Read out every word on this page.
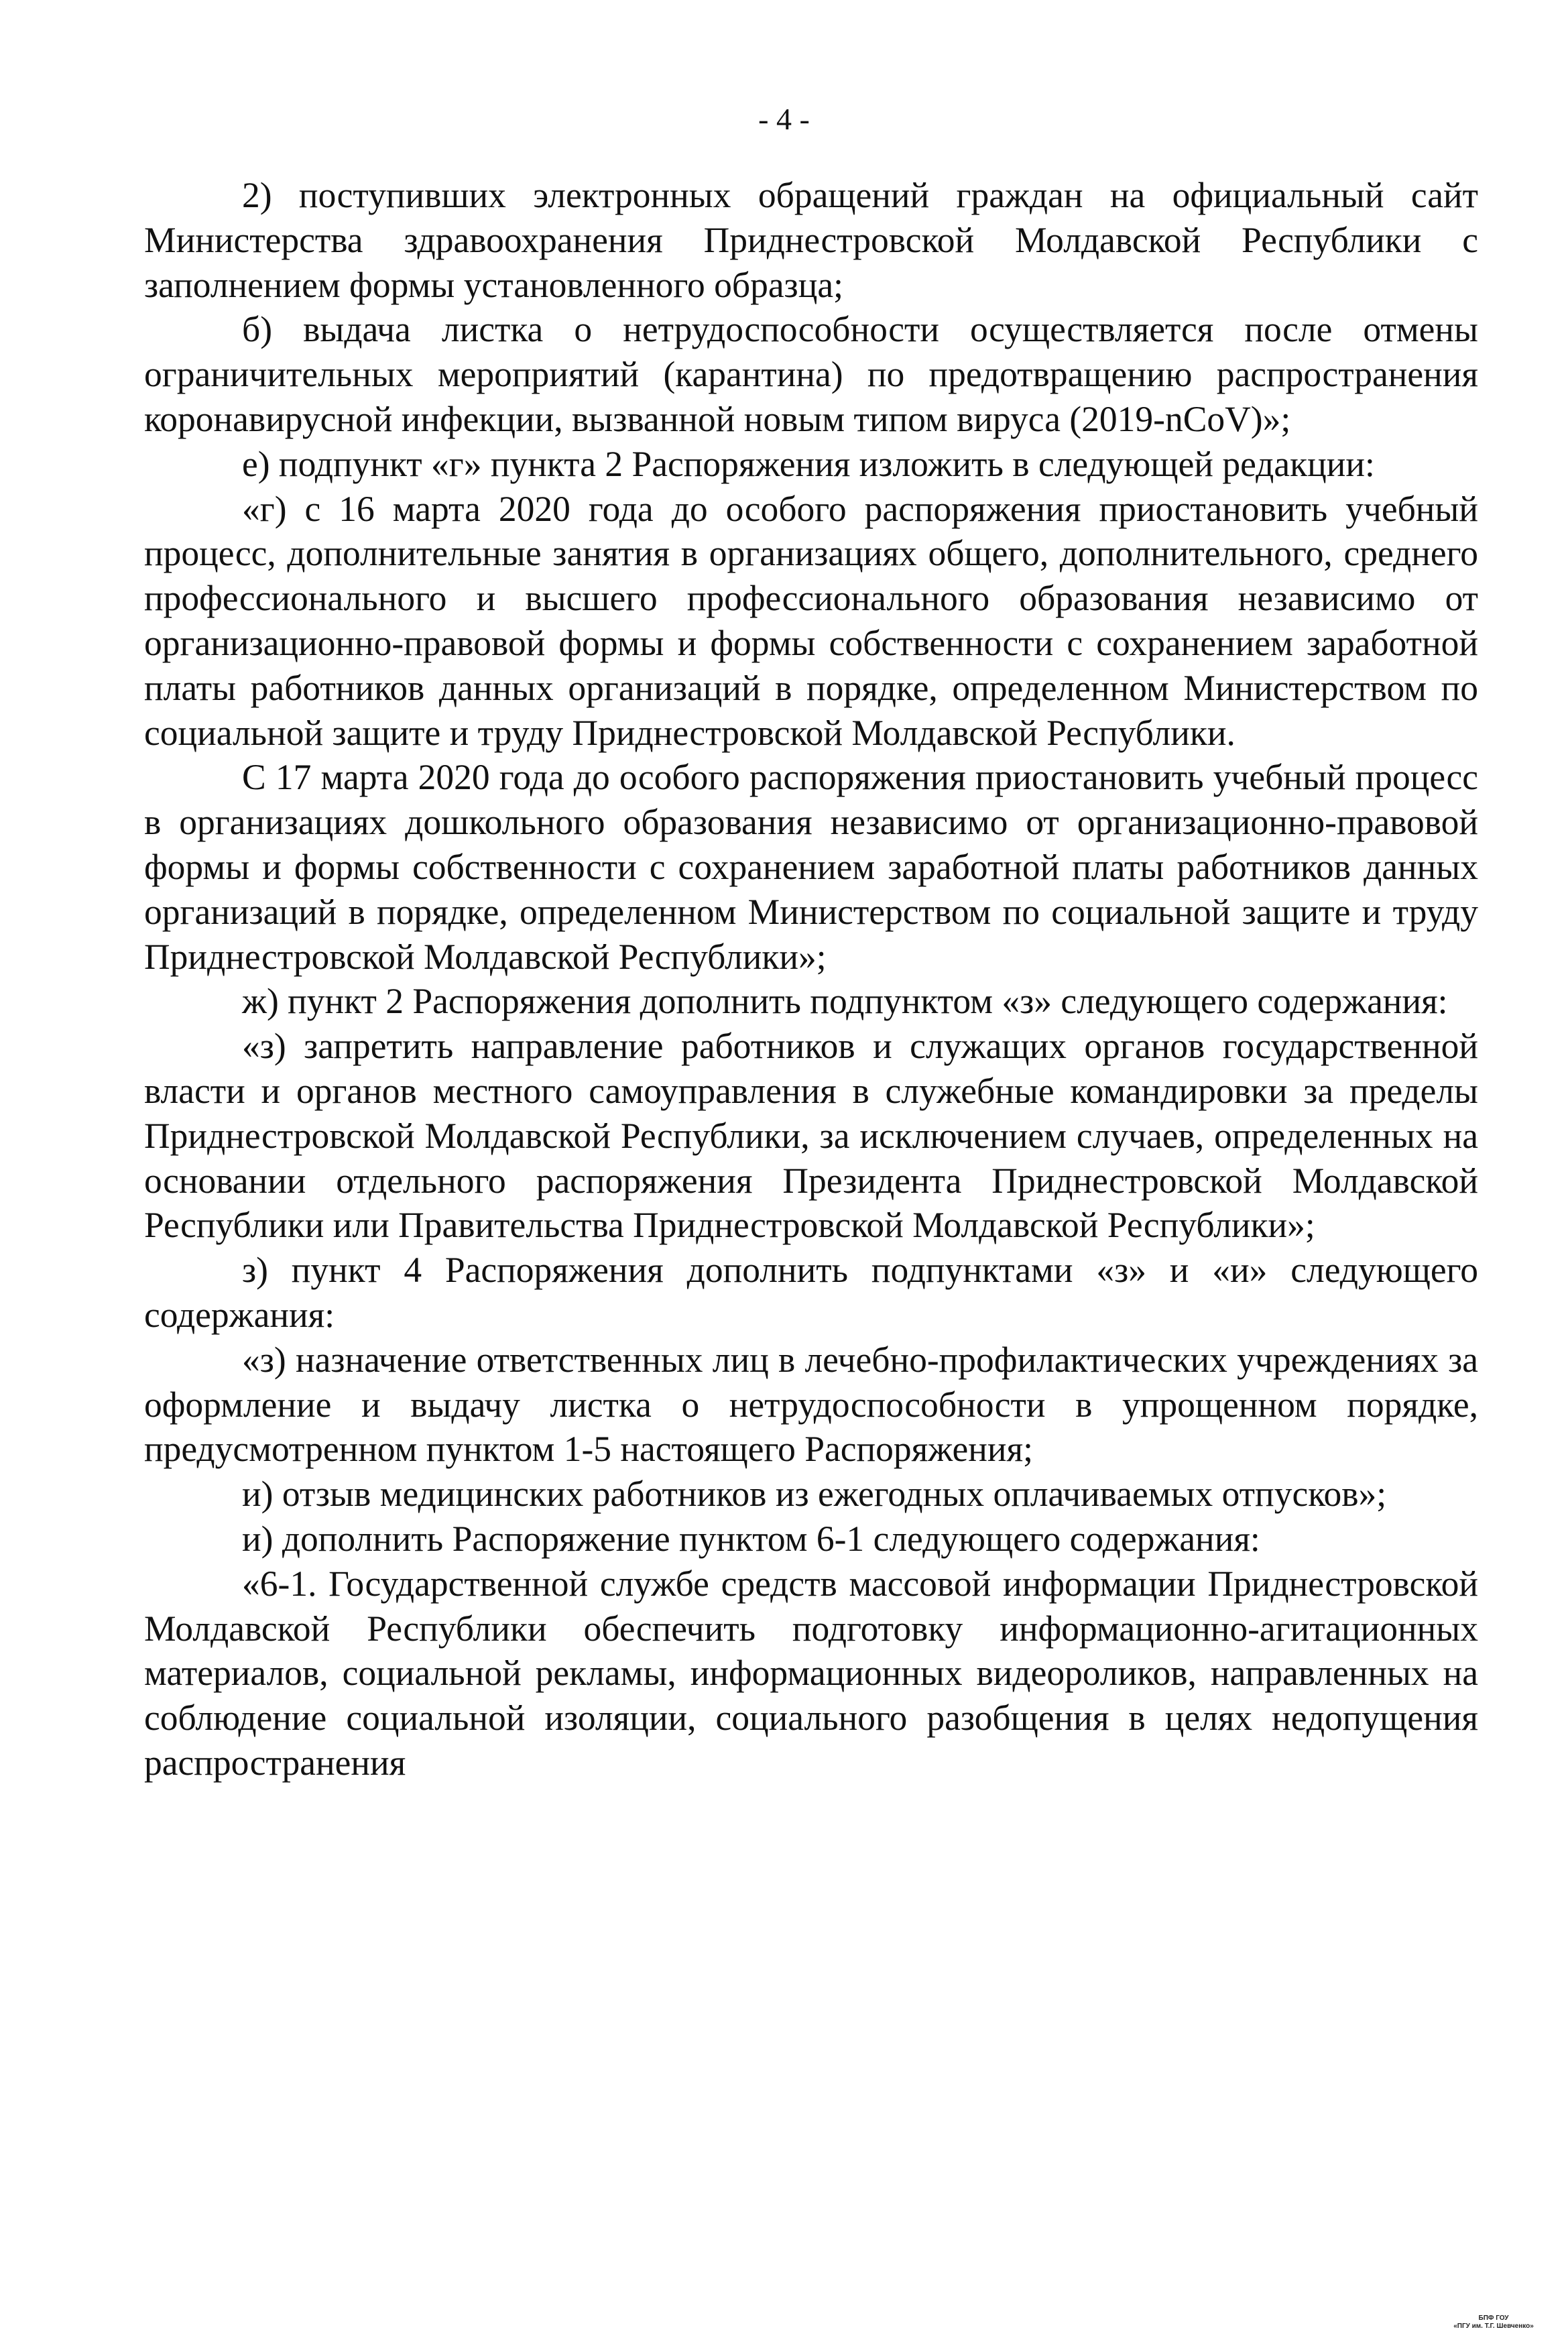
- 4 -

2) поступивших электронных обращений граждан на официальный сайт Министерства здравоохранения Приднестровской Молдавской Республики с заполнением формы установленного образца;

б) выдача листка о нетрудоспособности осуществляется после отмены ограничительных мероприятий (карантина) по предотвращению распространения коронавирусной инфекции, вызванной новым типом вируса (2019-nCoV)»;

е) подпункт «г» пункта 2 Распоряжения изложить в следующей редакции:

«г) с 16 марта 2020 года до особого распоряжения приостановить учебный процесс, дополнительные занятия в организациях общего, дополнительного, среднего профессионального и высшего профессионального образования независимо от организационно-правовой формы и формы собственности с сохранением заработной платы работников данных организаций в порядке, определенном Министерством по социальной защите и труду Приднестровской Молдавской Республики.

С 17 марта 2020 года до особого распоряжения приостановить учебный процесс в организациях дошкольного образования независимо от организационно-правовой формы и формы собственности с сохранением заработной платы работников данных организаций в порядке, определенном Министерством по социальной защите и труду Приднестровской Молдавской Республики»;

ж) пункт 2 Распоряжения дополнить подпунктом «з» следующего содержания:

«з) запретить направление работников и служащих органов государственной власти и органов местного самоуправления в служебные командировки за пределы Приднестровской Молдавской Республики, за исключением случаев, определенных на основании отдельного распоряжения Президента Приднестровской Молдавской Республики или Правительства Приднестровской Молдавской Республики»;

з) пункт 4 Распоряжения дополнить подпунктами «з» и «и» следующего содержания:

«з) назначение ответственных лиц в лечебно-профилактических учреждениях за оформление и выдачу листка о нетрудоспособности в упрощенном порядке, предусмотренном пунктом 1-5 настоящего Распоряжения;

и) отзыв медицинских работников из ежегодных оплачиваемых отпусков»;

и) дополнить Распоряжение пунктом 6-1 следующего содержания:

«6-1. Государственной службе средств массовой информации Приднестровской Молдавской Республики обеспечить подготовку информационно-агитационных материалов, социальной рекламы, информационных видеороликов, направленных на соблюдение социальной изоляции, социального разобщения в целях недопущения распространения

БПФ ГОУ
«ПГУ им. Т.Г. Шевченко»
